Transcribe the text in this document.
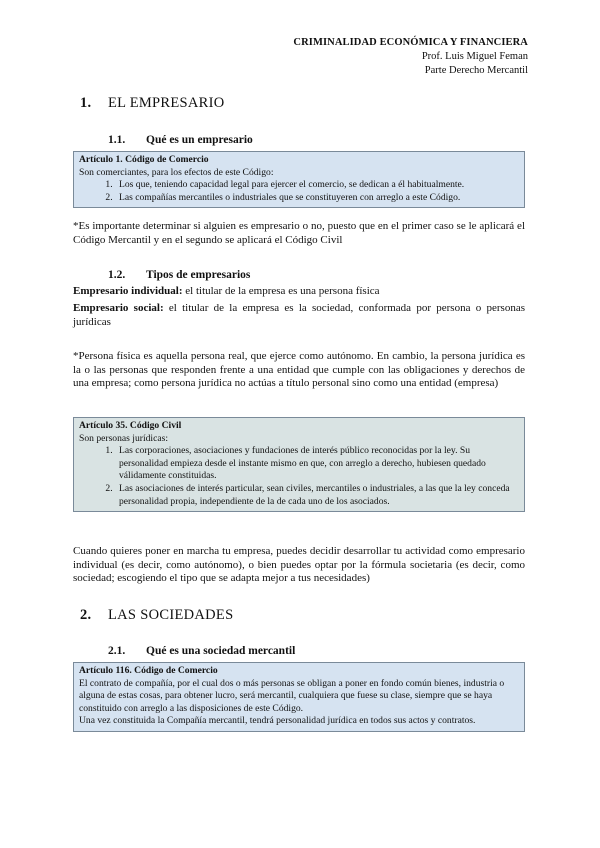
CRIMINALIDAD ECONÓMICA Y FINANCIERA
Prof. Luis Miguel Feman
Parte Derecho Mercantil
1. EL EMPRESARIO
1.1. Qué es un empresario
Artículo 1. Código de Comercio

Son comerciantes, para los efectos de este Código:

1. Los que, teniendo capacidad legal para ejercer el comercio, se dedican a él habitualmente.
2. Las compañías mercantiles o industriales que se constituyeren con arreglo a este Código.
*Es importante determinar si alguien es empresario o no, puesto que en el primer caso se le aplicará el Código Mercantil y en el segundo se aplicará el Código Civil
1.2. Tipos de empresarios
Empresario individual: el titular de la empresa es una persona física
Empresario social: el titular de la empresa es la sociedad, conformada por persona o personas jurídicas
*Persona física es aquella persona real, que ejerce como autónomo. En cambio, la persona jurídica es la o las personas que responden frente a una entidad que cumple con las obligaciones y derechos de una empresa; como persona jurídica no actúas a título personal sino como una entidad (empresa)
Artículo 35. Código Civil

Son personas jurídicas:

1. Las corporaciones, asociaciones y fundaciones de interés público reconocidas por la ley. Su personalidad empieza desde el instante mismo en que, con arreglo a derecho, hubiesen quedado válidamente constituidas.
2. Las asociaciones de interés particular, sean civiles, mercantiles o industriales, a las que la ley conceda personalidad propia, independiente de la de cada uno de los asociados.
Cuando quieres poner en marcha tu empresa, puedes decidir desarrollar tu actividad como empresario individual (es decir, como autónomo), o bien puedes optar por la fórmula societaria (es decir, como sociedad; escogiendo el tipo que se adapta mejor a tus necesidades)
2. LAS SOCIEDADES
2.1. Qué es una sociedad mercantil
Artículo 116. Código de Comercio

El contrato de compañía, por el cual dos o más personas se obligan a poner en fondo común bienes, industria o alguna de estas cosas, para obtener lucro, será mercantil, cualquiera que fuese su clase, siempre que se haya constituido con arreglo a las disposiciones de este Código.

Una vez constituida la Compañía mercantil, tendrá personalidad jurídica en todos sus actos y contratos.
